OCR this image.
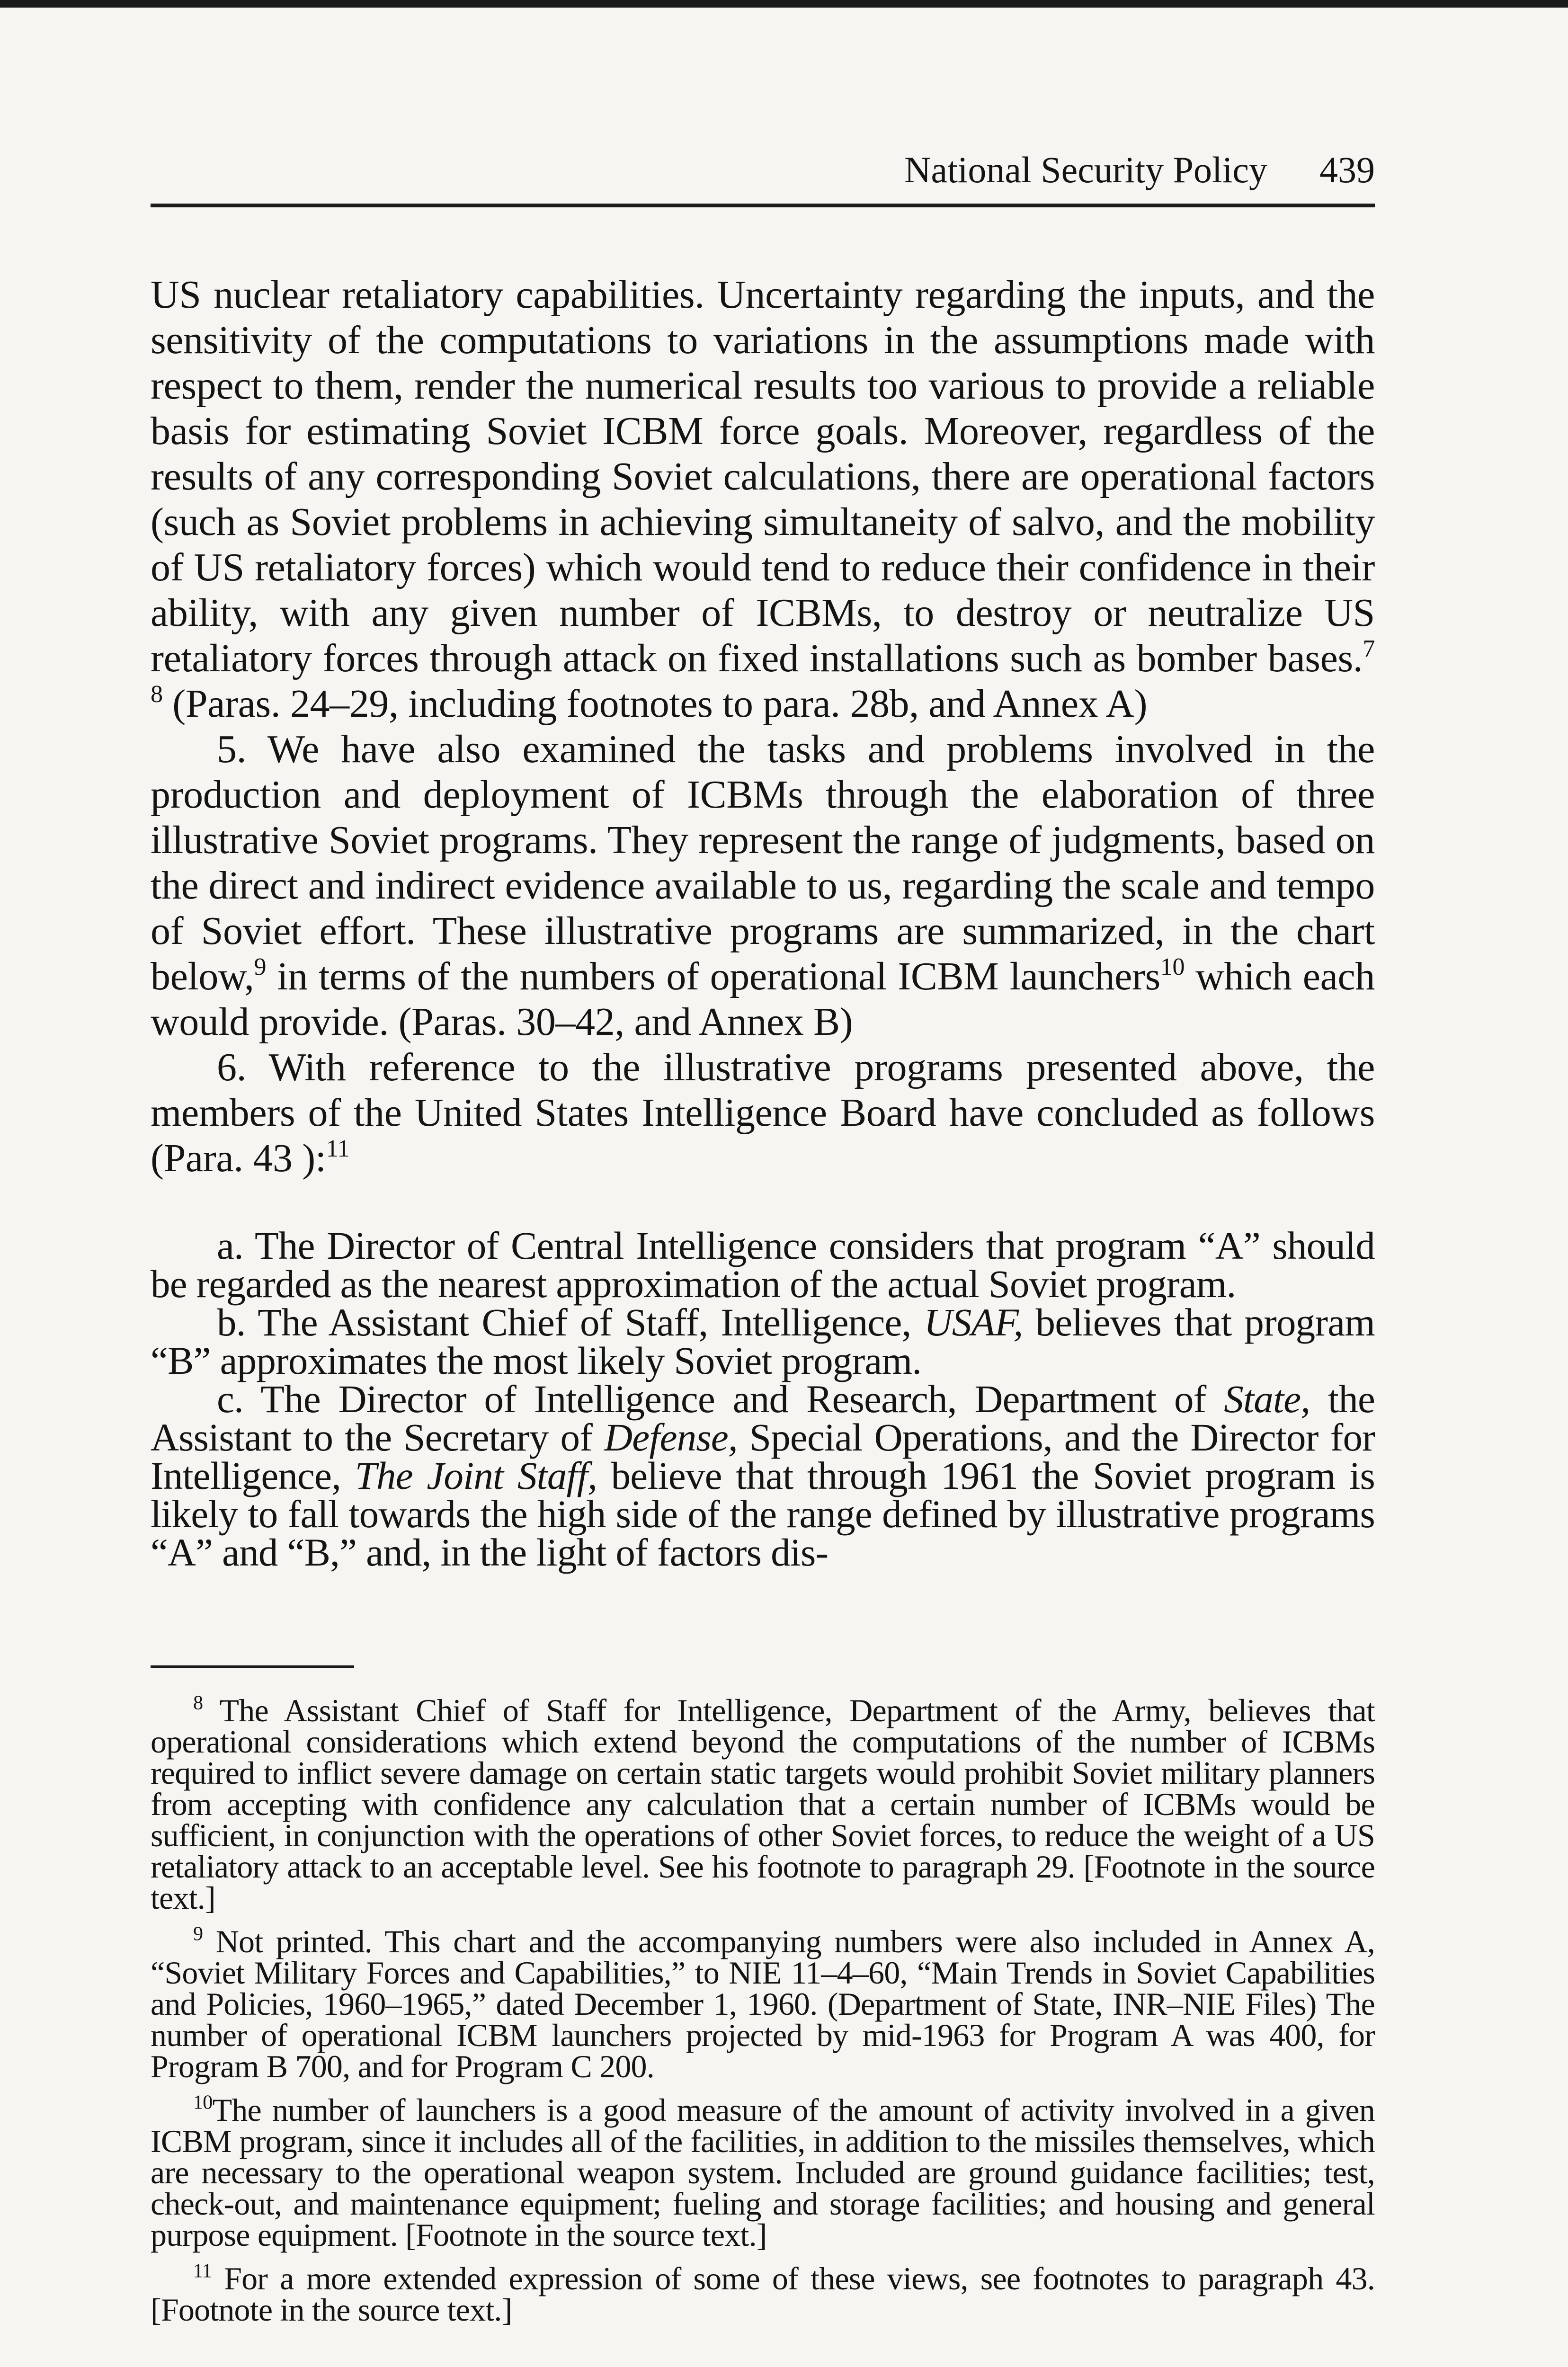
National Security Policy 439

US nuclear retaliatory capabilities. Uncertainty regarding the inputs, and the sensitivity of the computations to variations in the assumptions made with respect to them, render the numerical results too various to provide a reliable basis for estimating Soviet ICBM force goals. Moreover, regardless of the results of any corresponding Soviet calculations, there are operational factors (such as Soviet problems in achieving simultaneity of salvo, and the mobility of US retaliatory forces) which would tend to reduce their confidence in their ability, with any given number of ICBMs, to destroy or neutralize US retaliatory forces through attack on fixed installations such as bomber bases.$^{7 8}$ (Paras. 24–29, including footnotes to para. 28b, and Annex A)

5. We have also examined the tasks and problems involved in the production and deployment of ICBMs through the elaboration of three illustrative Soviet programs. They represent the range of judgments, based on the direct and indirect evidence available to us, regarding the scale and tempo of Soviet effort. These illustrative programs are summarized, in the chart below,$^9$ in terms of the numbers of operational ICBM launchers$^{10}$ which each would provide. (Paras. 30–42, and Annex B)

6. With reference to the illustrative programs presented above, the members of the United States Intelligence Board have concluded as follows (Para. 43 ):$^{11}$

a. The Director of Central Intelligence considers that program “A” should be regarded as the nearest approximation of the actual Soviet program.

b. The Assistant Chief of Staff, Intelligence, USAF, believes that program “B” approximates the most likely Soviet program.

c. The Director of Intelligence and Research, Department of State, the Assistant to the Secretary of Defense, Special Operations, and the Director for Intelligence, The Joint Staff, believe that through 1961 the Soviet program is likely to fall towards the high side of the range defined by illustrative programs “A” and “B,” and, in the light of factors dis-

$^8$ The Assistant Chief of Staff for Intelligence, Department of the Army, believes that operational considerations which extend beyond the computations of the number of ICBMs required to inflict severe damage on certain static targets would prohibit Soviet military planners from accepting with confidence any calculation that a certain number of ICBMs would be sufficient, in conjunction with the operations of other Soviet forces, to reduce the weight of a US retaliatory attack to an acceptable level. See his footnote to paragraph 29. [Footnote in the source text.]

$^9$ Not printed. This chart and the accompanying numbers were also included in Annex A, “Soviet Military Forces and Capabilities,” to NIE 11–4–60, “Main Trends in Soviet Capabilities and Policies, 1960–1965,” dated December 1, 1960. (Department of State, INR–NIE Files) The number of operational ICBM launchers projected by mid-1963 for Program A was 400, for Program B 700, and for Program C 200.

$^{10}$The number of launchers is a good measure of the amount of activity involved in a given ICBM program, since it includes all of the facilities, in addition to the missiles themselves, which are necessary to the operational weapon system. Included are ground guidance facilities; test, check-out, and maintenance equipment; fueling and storage facilities; and housing and general purpose equipment. [Footnote in the source text.]

$^{11}$ For a more extended expression of some of these views, see footnotes to paragraph 43. [Footnote in the source text.]
